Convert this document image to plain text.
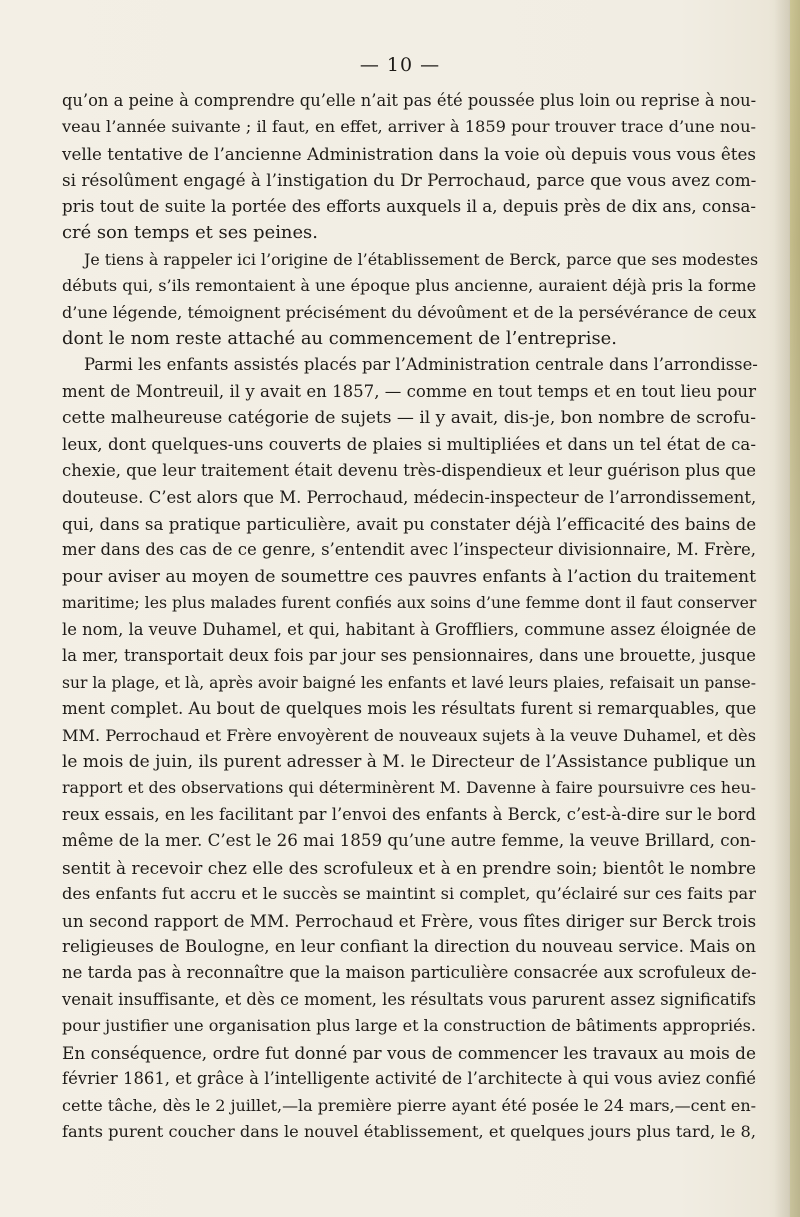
— 10 —
qu’on a peine à comprendre qu’elle n’ait pas été poussée plus loin ou reprise à nou-
veau l’année suivante ; il faut, en effet, arriver à 1859 pour trouver trace d’une nou-
velle tentative de l’ancienne Administration dans la voie où depuis vous vous êtes
si résolûment engagé à l’instigation du Dr Perrochaud, parce que vous avez com-
pris tout de suite la portée des efforts auxquels il a, depuis près de dix ans, consa-
cré son temps et ses peines.
Je tiens à rappeler ici l’origine de l’établissement de Berck, parce que ses modestes
débuts qui, s’ils remontaient à une époque plus ancienne, auraient déjà pris la forme
d’une légende, témoignent précisément du dévoûment et de la persévérance de ceux
dont le nom reste attaché au commencement de l’entreprise.
Parmi les enfants assistés placés par l’Administration centrale dans l’arrondisse-
ment de Montreuil, il y avait en 1857, — comme en tout temps et en tout lieu pour
cette malheureuse catégorie de sujets — il y avait, dis-je, bon nombre de scrofu-
leux, dont quelques-uns couverts de plaies si multipliées et dans un tel état de ca-
chexie, que leur traitement était devenu très-dispendieux et leur guérison plus que
douteuse. C’est alors que M. Perrochaud, médecin-inspecteur de l’arrondissement,
qui, dans sa pratique particulière, avait pu constater déjà l’efficacité des bains de
mer dans des cas de ce genre, s’entendit avec l’inspecteur divisionnaire, M. Frère,
pour aviser au moyen de soumettre ces pauvres enfants à l’action du traitement
maritime; les plus malades furent confiés aux soins d’une femme dont il faut conserver
le nom, la veuve Duhamel, et qui, habitant à Groffliers, commune assez éloignée de
la mer, transportait deux fois par jour ses pensionnaires, dans une brouette, jusque
sur la plage, et là, après avoir baigné les enfants et lavé leurs plaies, refaisait un panse-
ment complet. Au bout de quelques mois les résultats furent si remarquables, que
MM. Perrochaud et Frère envoyèrent de nouveaux sujets à la veuve Duhamel, et dès
le mois de juin, ils purent adresser à M. le Directeur de l’Assistance publique un
rapport et des observations qui déterminèrent M. Davenne à faire poursuivre ces heu-
reux essais, en les facilitant par l’envoi des enfants à Berck, c’est-à-dire sur le bord
même de la mer. C’est le 26 mai 1859 qu’une autre femme, la veuve Brillard, con-
sentit à recevoir chez elle des scrofuleux et à en prendre soin; bientôt le nombre
des enfants fut accru et le succès se maintint si complet, qu’éclairé sur ces faits par
un second rapport de MM. Perrochaud et Frère, vous fîtes diriger sur Berck trois
religieuses de Boulogne, en leur confiant la direction du nouveau service. Mais on
ne tarda pas à reconnaître que la maison particulière consacrée aux scrofuleux de-
venait insuffisante, et dès ce moment, les résultats vous parurent assez significatifs
pour justifier une organisation plus large et la construction de bâtiments appropriés.
En conséquence, ordre fut donné par vous de commencer les travaux au mois de
février 1861, et grâce à l’intelligente activité de l’architecte à qui vous aviez confié
cette tâche, dès le 2 juillet,—la première pierre ayant été posée le 24 mars,—cent en-
fants purent coucher dans le nouvel établissement, et quelques jours plus tard, le 8,
